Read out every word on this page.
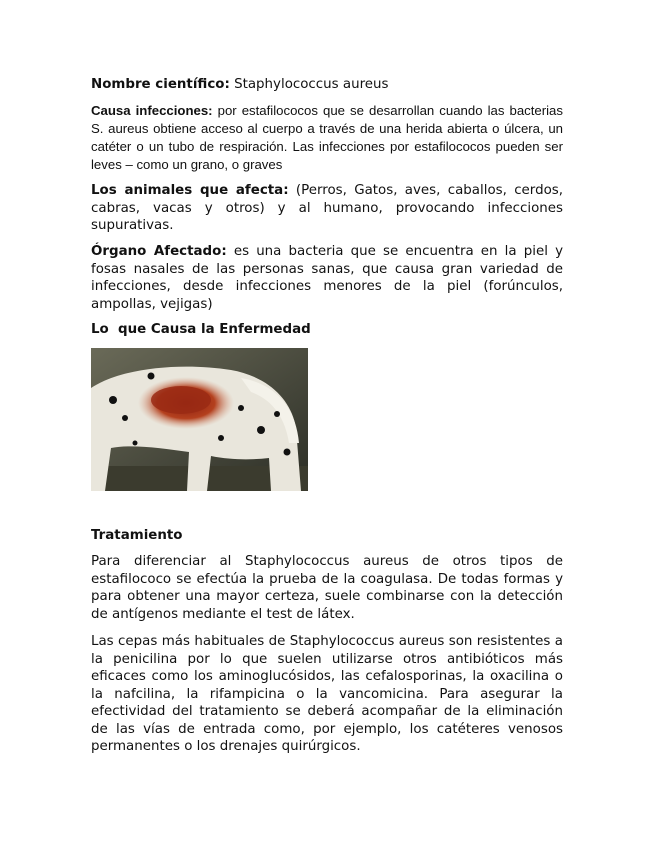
Nombre científico: Staphylococcus aureus

Causa infecciones: por estafilococos que se desarrollan cuando las bacterias S. aureus obtiene acceso al cuerpo a través de una herida abierta o úlcera, un catéter o un tubo de respiración. Las infecciones por estafilococos pueden ser leves – como un grano, o graves

Los animales que afecta: (Perros, Gatos, aves, caballos, cerdos, cabras, vacas y otros) y al humano, provocando infecciones supurativas.

Órgano Afectado: es una bacteria que se encuentra en la piel y fosas nasales de las personas sanas, que causa gran variedad de infecciones, desde infecciones menores de la piel (forúnculos, ampollas, vejigas)

Lo  que Causa la Enfermedad

Tratamiento

Para diferenciar al Staphylococcus aureus de otros tipos de estafilococo se efectúa la prueba de la coagulasa. De todas formas y para obtener una mayor certeza, suele combinarse con la detección de antígenos mediante el test de látex.

Las cepas más habituales de Staphylococcus aureus son resistentes a la penicilina por lo que suelen utilizarse otros antibióticos más eficaces como los aminoglucósidos, las cefalosporinas, la oxacilina o la nafcilina, la rifampicina o la vancomicina. Para asegurar la efectividad del tratamiento se deberá acompañar de la eliminación de las vías de entrada como, por ejemplo, los catéteres venosos permanentes o los drenajes quirúrgicos.
